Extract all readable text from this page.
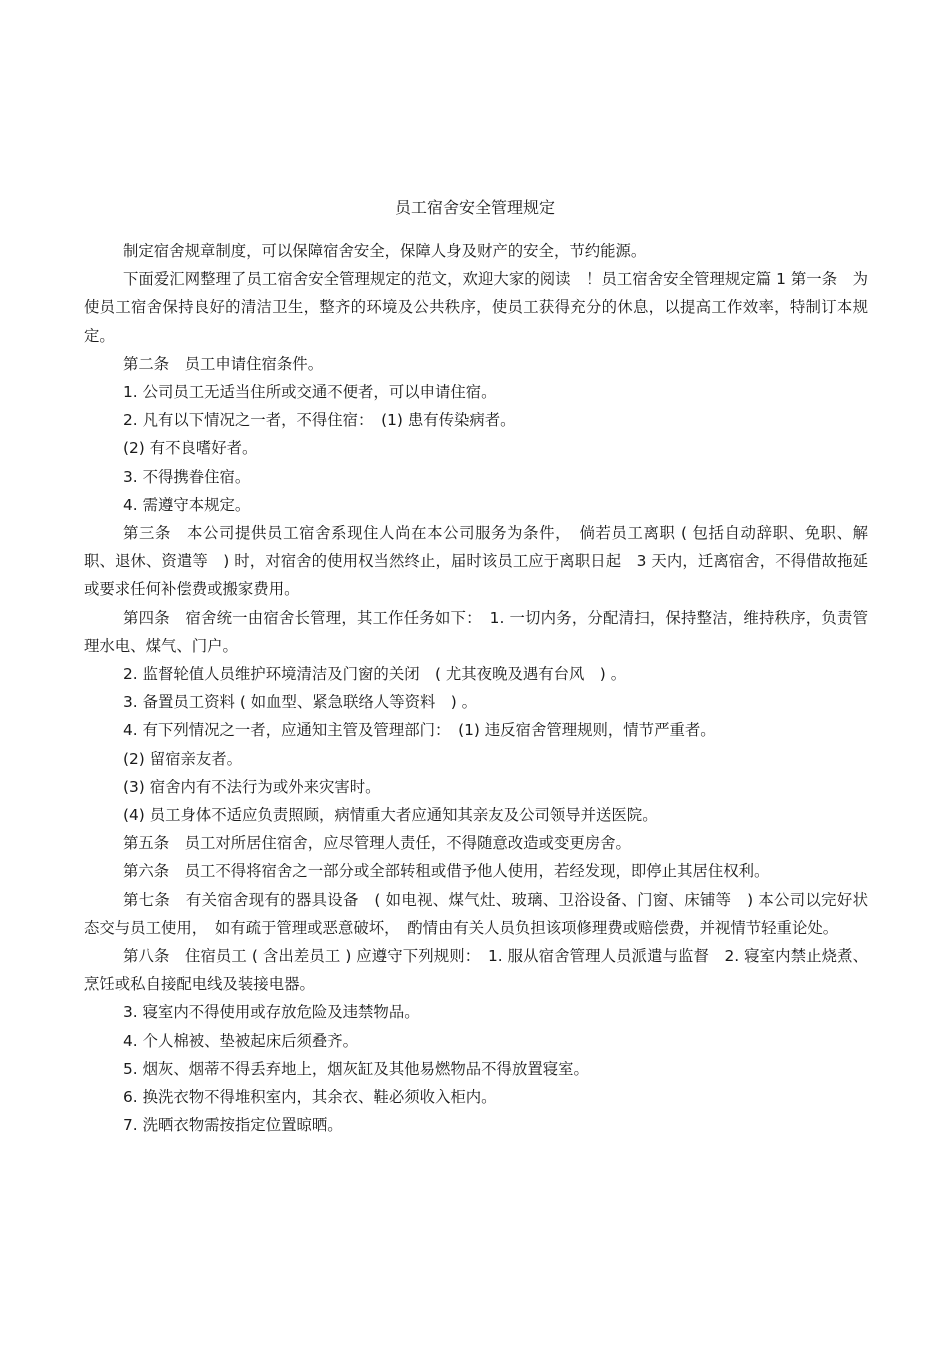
员工宿舍安全管理规定

制定宿舍规章制度，可以保障宿舍安全，保障人身及财产的安全，节约能源。

下面爱汇网整理了员工宿舍安全管理规定的范文，欢迎大家的阅读　！员工宿舍安全管理规定篇 1 第一条　为使员工宿舍保持良好的清洁卫生，整齐的环境及公共秩序，使员工获得充分的休息，以提高工作效率，特制订本规定。

第二条　员工申请住宿条件。

1. 公司员工无适当住所或交通不便者，可以申请住宿。

2. 凡有以下情况之一者，不得住宿：　(1) 患有传染病者。

(2) 有不良嗜好者。

3. 不得携眷住宿。

4. 需遵守本规定。

第三条　本公司提供员工宿舍系现住人尚在本公司服务为条件，　倘若员工离职 ( 包括自动辞职、免职、解职、退休、资遣等　) 时，对宿舍的使用权当然终止，届时该员工应于离职日起　3 天内，迁离宿舍，不得借故拖延或要求任何补偿费或搬家费用。

第四条　宿舍统一由宿舍长管理，其工作任务如下：　1. 一切内务，分配清扫，保持整洁，维持秩序，负责管理水电、煤气、门户。

2. 监督轮值人员维护环境清洁及门窗的关闭　( 尤其夜晚及遇有台风　) 。

3. 备置员工资料 ( 如血型、紧急联络人等资料　) 。

4. 有下列情况之一者，应通知主管及管理部门：　(1) 违反宿舍管理规则，情节严重者。

(2) 留宿亲友者。

(3) 宿舍内有不法行为或外来灾害时。

(4) 员工身体不适应负责照顾，病情重大者应通知其亲友及公司领导并送医院。

第五条　员工对所居住宿舍，应尽管理人责任，不得随意改造或变更房舍。

第六条　员工不得将宿舍之一部分或全部转租或借予他人使用，若经发现，即停止其居住权利。

第七条　有关宿舍现有的器具设备　( 如电视、煤气灶、玻璃、卫浴设备、门窗、床铺等　) 本公司以完好状态交与员工使用，　如有疏于管理或恶意破坏，　酌情由有关人员负担该项修理费或赔偿费，并视情节轻重论处。

第八条　住宿员工 ( 含出差员工 ) 应遵守下列规则：　1. 服从宿舍管理人员派遣与监督　2. 寝室内禁止烧煮、烹饪或私自接配电线及装接电器。

3. 寝室内不得使用或存放危险及违禁物品。

4. 个人棉被、垫被起床后须叠齐。

5. 烟灰、烟蒂不得丢弃地上，烟灰缸及其他易燃物品不得放置寝室。

6. 换洗衣物不得堆积室内，其余衣、鞋必须收入柜内。

7. 洗晒衣物需按指定位置晾晒。
